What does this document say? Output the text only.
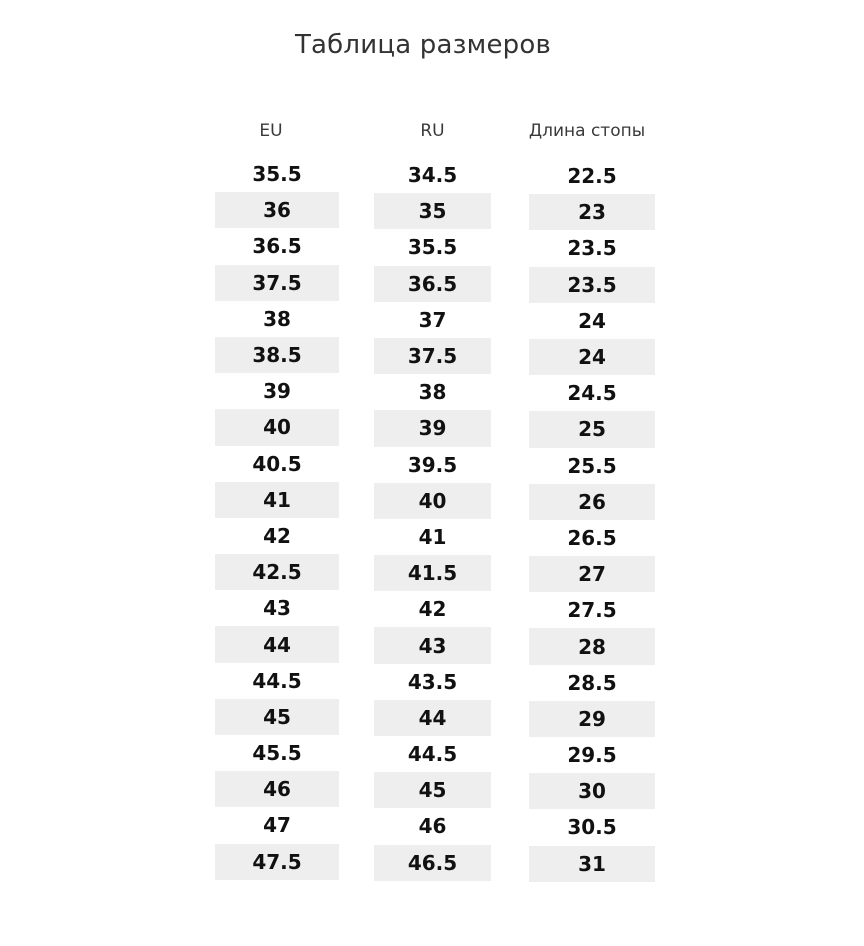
Таблица размеров
EU
35.5
36
36.5
37.5
38
38.5
39
40
40.5
41
42
42.5
43
44
44.5
45
45.5
46
47
47.5
RU
34.5
35
35.5
36.5
37
37.5
38
39
39.5
40
41
41.5
42
43
43.5
44
44.5
45
46
46.5
Длина стопы
22.5
23
23.5
23.5
24
24
24.5
25
25.5
26
26.5
27
27.5
28
28.5
29
29.5
30
30.5
31
